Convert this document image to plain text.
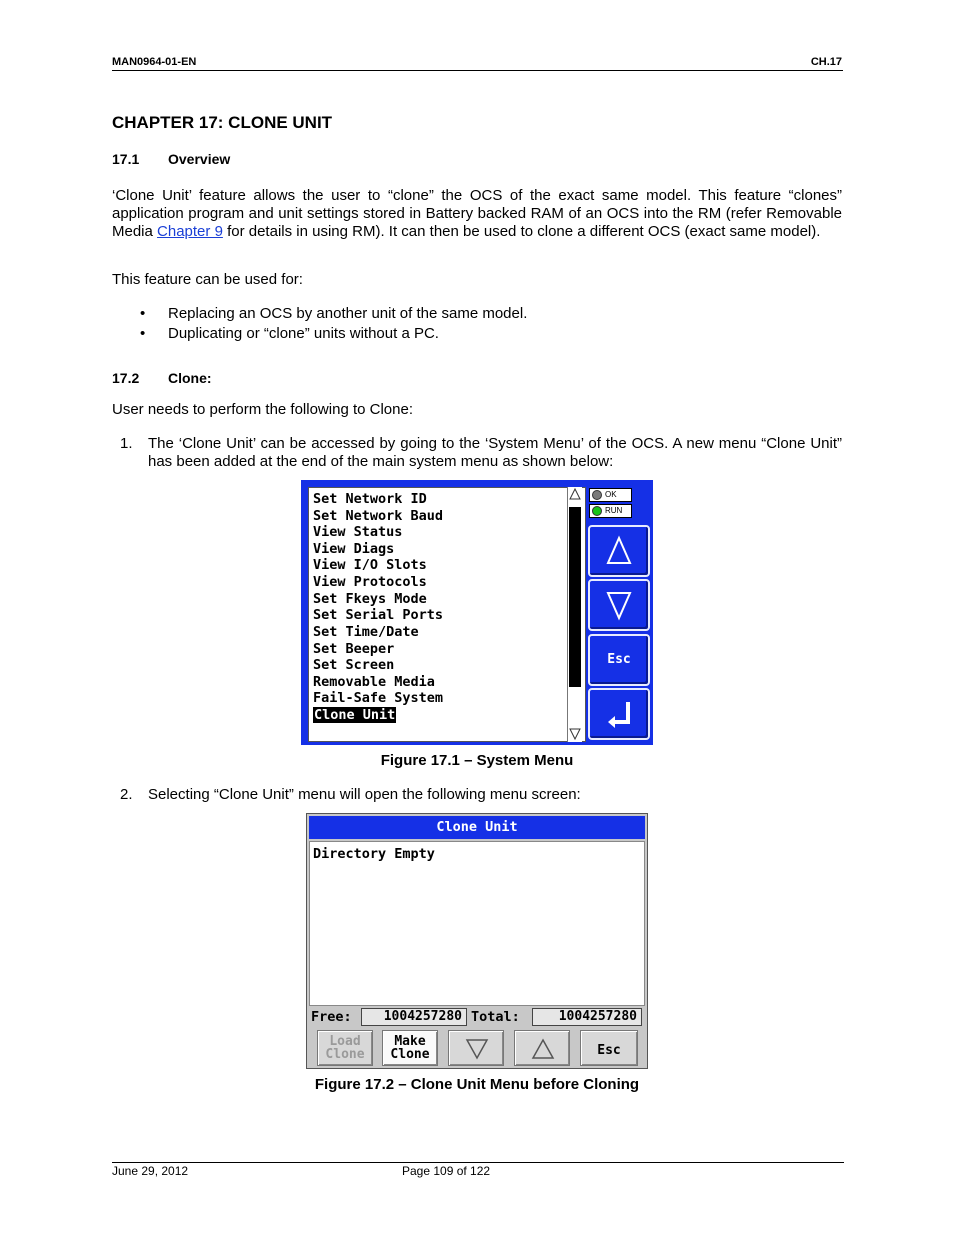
MAN0964-01-EN	CH.17
CHAPTER 17: CLONE UNIT
17.1 Overview
‘Clone Unit’ feature allows the user to “clone” the OCS of the exact same model. This feature “clones” application program and unit settings stored in Battery backed RAM of an OCS into the RM (refer Removable Media Chapter 9 for details in using RM). It can then be used to clone a different OCS (exact same model).
This feature can be used for:
• Replacing an OCS by another unit of the same model.
• Duplicating or “clone” units without a PC.
17.2 Clone:
User needs to perform the following to Clone:
1. The ‘Clone Unit’ can be accessed by going to the ‘System Menu’ of the OCS. A new menu “Clone Unit” has been added at the end of the main system menu as shown below:
Set Network ID
Set Network Baud
View Status
View Diags
View I/O Slots
View Protocols
Set Fkeys Mode
Set Serial Ports
Set Time/Date
Set Beeper
Set Screen
Removable Media
Fail-Safe System
Clone Unit
OK
RUN
Esc
Figure 17.1 – System Menu
2. Selecting “Clone Unit” menu will open the following menu screen:
Clone Unit
Directory Empty
Free:	1004257280 Total:	1004257280
Load
Clone
Make
Clone	Esc
Figure 17.2 – Clone Unit Menu before Cloning
June 29, 2012	Page 109 of 122
